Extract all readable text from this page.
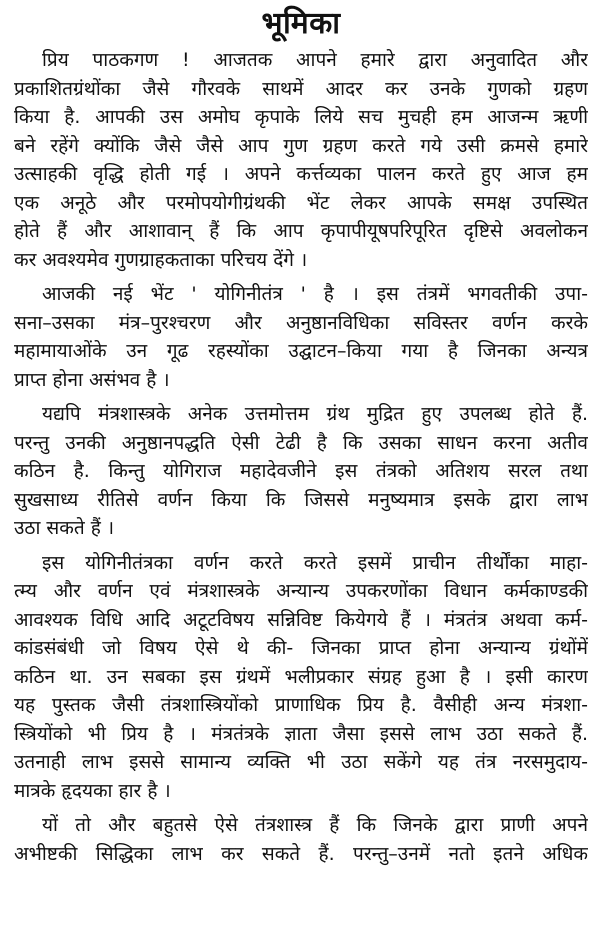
भूमिका
प्रिय पाठकगण ! आजतक आपने हमारे द्वारा अनुवादित और
प्रकाशितग्रंथोंका जैसे गौरवके साथमें आदर कर उनके गुणको ग्रहण
किया है. आपकी उस अमोघ कृपाके लिये सच मुचही हम आजन्म ऋणी
बने रहेंगे क्योंकि जैसे जैसे आप गुण ग्रहण करते गये उसी क्रमसे हमारे
उत्साहकी वृद्धि होती गई । अपने कर्त्तव्यका पालन करते हुए आज हम
एक अनूठे और परमोपयोगीग्रंथकी भेंट लेकर आपके समक्ष उपस्थित
होते हैं और आशावान् हैं कि आप कृपापीयूषपरिपूरित दृष्टिसे अवलोकन
कर अवश्यमेव गुणग्राहकताका परिचय देंगे ।
आजकी नई भेंट ' योगिनीतंत्र ' है । इस तंत्रमें भगवतीकी उपा-
सना–उसका मंत्र–पुरश्चरण और अनुष्ठानविधिका सविस्तर वर्णन करके
महामायाओंके उन गूढ रहस्योंका उद्घाटन–किया गया है जिनका अन्यत्र
प्राप्त होना असंभव है ।
यद्यपि मंत्रशास्त्रके अनेक उत्तमोत्तम ग्रंथ मुद्रित हुए उपलब्ध होते हैं.
परन्तु उनकी अनुष्ठानपद्धति ऐसी टेढी है कि उसका साधन करना अतीव
कठिन है. किन्तु योगिराज महादेवजीने इस तंत्रको अतिशय सरल तथा
सुखसाध्य रीतिसे वर्णन किया कि जिससे मनुष्यमात्र इसके द्वारा लाभ
उठा सकते हैं ।
इस योगिनीतंत्रका वर्णन करते करते इसमें प्राचीन तीर्थोंका माहा-
त्म्य और वर्णन एवं मंत्रशास्त्रके अन्यान्य उपकरणोंका विधान कर्मकाण्डकी
आवश्यक विधि आदि अटूटविषय सन्निविष्ट कियेगये हैं । मंत्रतंत्र अथवा कर्म-
कांडसंबंधी जो विषय ऐसे थे की- जिनका प्राप्त होना अन्यान्य ग्रंथोंमें
कठिन था. उन सबका इस ग्रंथमें भलीप्रकार संग्रह हुआ है । इसी कारण
यह पुस्तक जैसी तंत्रशास्त्रियोंको प्राणाधिक प्रिय है. वैसीही अन्य मंत्रशा-
स्त्रियोंको भी प्रिय है । मंत्रतंत्रके ज्ञाता जैसा इससे लाभ उठा सकते हैं.
उतनाही लाभ इससे सामान्य व्यक्ति भी उठा सकेंगे यह तंत्र नरसमुदाय-
मात्रके हृदयका हार है ।
यों तो और बहुतसे ऐसे तंत्रशास्त्र हैं कि जिनके द्वारा प्राणी अपने
अभीष्टकी सिद्धिका लाभ कर सकते हैं. परन्तु–उनमें नतो इतने अधिक
